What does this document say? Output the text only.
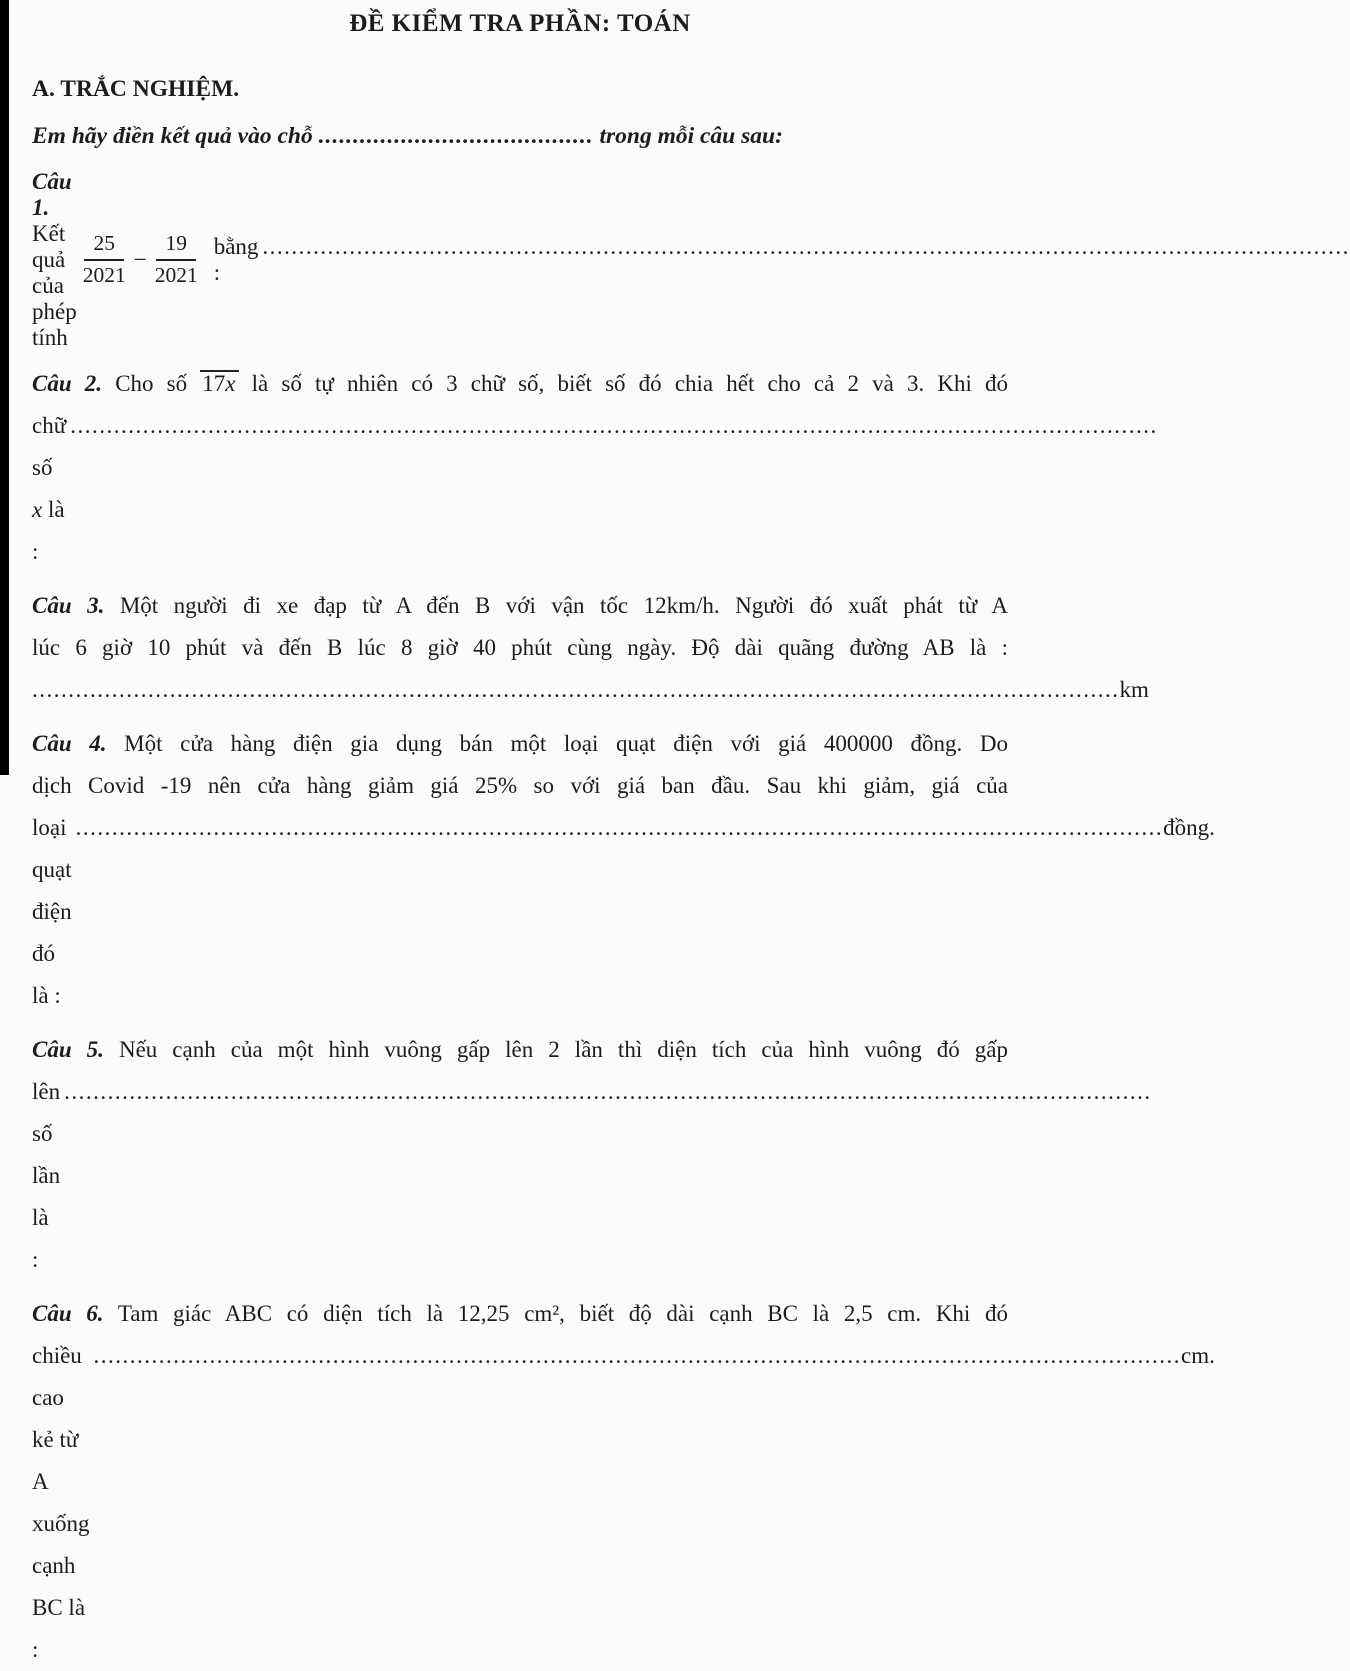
ĐỀ KIỂM TRA PHẦN: TOÁN
A. TRẮC NGHIỆM.
Em hãy điền kết quả vào chỗ ........................................ trong mỗi câu sau:
Câu 1. Kết quả của phép tính
$\frac{25}{2021} - \frac{19}{2021}$ bằng :
......................................................................................................................................................
Câu 2. Cho số 17x là số tự nhiên có 3 chữ số, biết số đó chia hết cho cả 2 và 3. Khi đó
chữ số x là :
......................................................................................................................................................
Câu 3. Một người đi xe đạp từ A đến B với vận tốc 12km/h. Người đó xuất phát từ A
lúc 6 giờ 10 phút và đến B lúc 8 giờ 40 phút cùng ngày. Độ dài quãng đường AB là :
...................................................................................................................................................... km
Câu 4. Một cửa hàng điện gia dụng bán một loại quạt điện với giá 400000 đồng. Do
dịch Covid -19 nên cửa hàng giảm giá 25% so với giá ban đầu. Sau khi giảm, giá của
loại quạt điện đó là :
...................................................................................................................................................... đồng.
Câu 5. Nếu cạnh của một hình vuông gấp lên 2 lần thì diện tích của hình vuông đó gấp
lên số lần là :
......................................................................................................................................................
Câu 6. Tam giác ABC có diện tích là 12,25 cm², biết độ dài cạnh BC là 2,5 cm. Khi đó
chiều cao kẻ từ A xuống cạnh BC là :
...................................................................................................................................................... cm.
